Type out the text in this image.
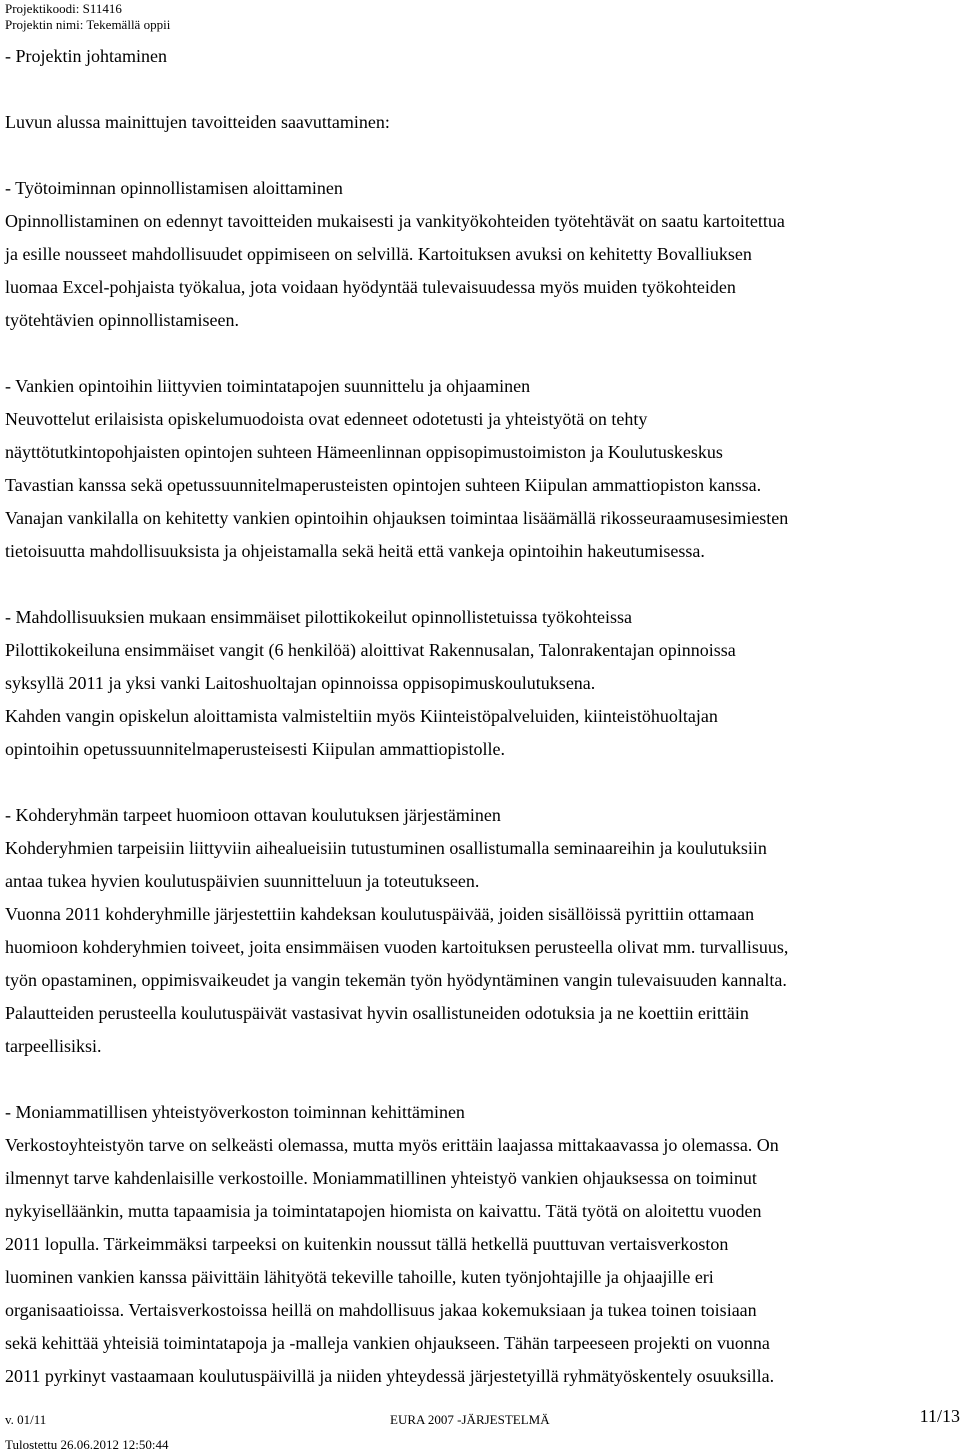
Projektikoodi: S11416
Projektin nimi: Tekemällä oppii
- Projektin johtaminen
Luvun alussa mainittujen tavoitteiden saavuttaminen:
- Työtoiminnan opinnollistamisen aloittaminen
Opinnollistaminen on edennyt tavoitteiden mukaisesti ja vankityökohteiden työtehtävät on saatu kartoitettua
ja esille nousseet mahdollisuudet oppimiseen on selvillä. Kartoituksen avuksi on kehitetty Bovalliuksen
luomaa Excel-pohjaista työkalua, jota voidaan hyödyntää tulevaisuudessa myös muiden työkohteiden
työtehtävien opinnollistamiseen.
- Vankien opintoihin liittyvien toimintatapojen suunnittelu ja ohjaaminen
Neuvottelut erilaisista opiskelumuodoista ovat edenneet odotetusti ja yhteistyötä on tehty
näyttötutkintopohjaisten opintojen suhteen Hämeenlinnan oppisopimustoimiston ja Koulutuskeskus
Tavastian kanssa sekä opetussuunnitelmaperusteisten opintojen suhteen Kiipulan ammattiopiston kanssa.
Vanajan vankilalla on kehitetty vankien opintoihin ohjauksen toimintaa lisäämällä rikosseuraamusesimiesten
tietoisuutta mahdollisuuksista ja ohjeistamalla sekä heitä että vankeja opintoihin hakeutumisessa.
- Mahdollisuuksien mukaan ensimmäiset pilottikokeilut opinnollistetuissa työkohteissa
Pilottikokeiluna ensimmäiset vangit (6 henkilöä) aloittivat Rakennusalan, Talonrakentajan opinnoissa
syksyllä 2011 ja yksi vanki Laitoshuoltajan opinnoissa oppisopimuskoulutuksena.
Kahden vangin opiskelun aloittamista valmisteltiin myös Kiinteistöpalveluiden, kiinteistöhuoltajan
opintoihin opetussuunnitelmaperusteisesti Kiipulan ammattiopistolle.
- Kohderyhmän tarpeet huomioon ottavan koulutuksen järjestäminen
Kohderyhmien tarpeisiin liittyviin aihealueisiin tutustuminen osallistumalla seminaareihin ja koulutuksiin
antaa tukea hyvien koulutuspäivien suunnitteluun ja toteutukseen.
Vuonna 2011 kohderyhmille järjestettiin kahdeksan koulutuspäivää, joiden sisällöissä pyrittiin ottamaan
huomioon kohderyhmien toiveet, joita ensimmäisen vuoden kartoituksen perusteella olivat mm. turvallisuus,
työn opastaminen, oppimisvaikeudet ja vangin tekemän työn hyödyntäminen vangin tulevaisuuden kannalta.
Palautteiden perusteella koulutuspäivät vastasivat hyvin osallistuneiden odotuksia ja ne koettiin erittäin
tarpeellisiksi.
- Moniammatillisen yhteistyöverkoston toiminnan kehittäminen
Verkostoyhteistyön tarve on selkeästi olemassa, mutta myös erittäin laajassa mittakaavassa jo olemassa. On
ilmennyt tarve kahdenlaisille verkostoille. Moniammatillinen yhteistyö vankien ohjauksessa on toiminut
nykyiselläänkin, mutta tapaamisia ja toimintatapojen hiomista on kaivattu. Tätä työtä on aloitettu vuoden
2011 lopulla. Tärkeimmäksi tarpeeksi on kuitenkin noussut tällä hetkellä puuttuvan vertaisverkoston
luominen vankien kanssa päivittäin lähityötä tekeville tahoille, kuten työnjohtajille ja ohjaajille eri
organisaatioissa. Vertaisverkostoissa heillä on mahdollisuus jakaa kokemuksiaan ja tukea toinen toisiaan
sekä kehittää yhteisiä toimintatapoja ja -malleja vankien ohjaukseen. Tähän tarpeeseen projekti on vuonna
2011 pyrkinyt vastaamaan koulutuspäivillä ja niiden yhteydessä järjestetyillä ryhmätyöskentely osuuksilla.
v. 01/11	EURA 2007 -JÄRJESTELMÄ	11/13
Tulostettu 26.06.2012 12:50:44
